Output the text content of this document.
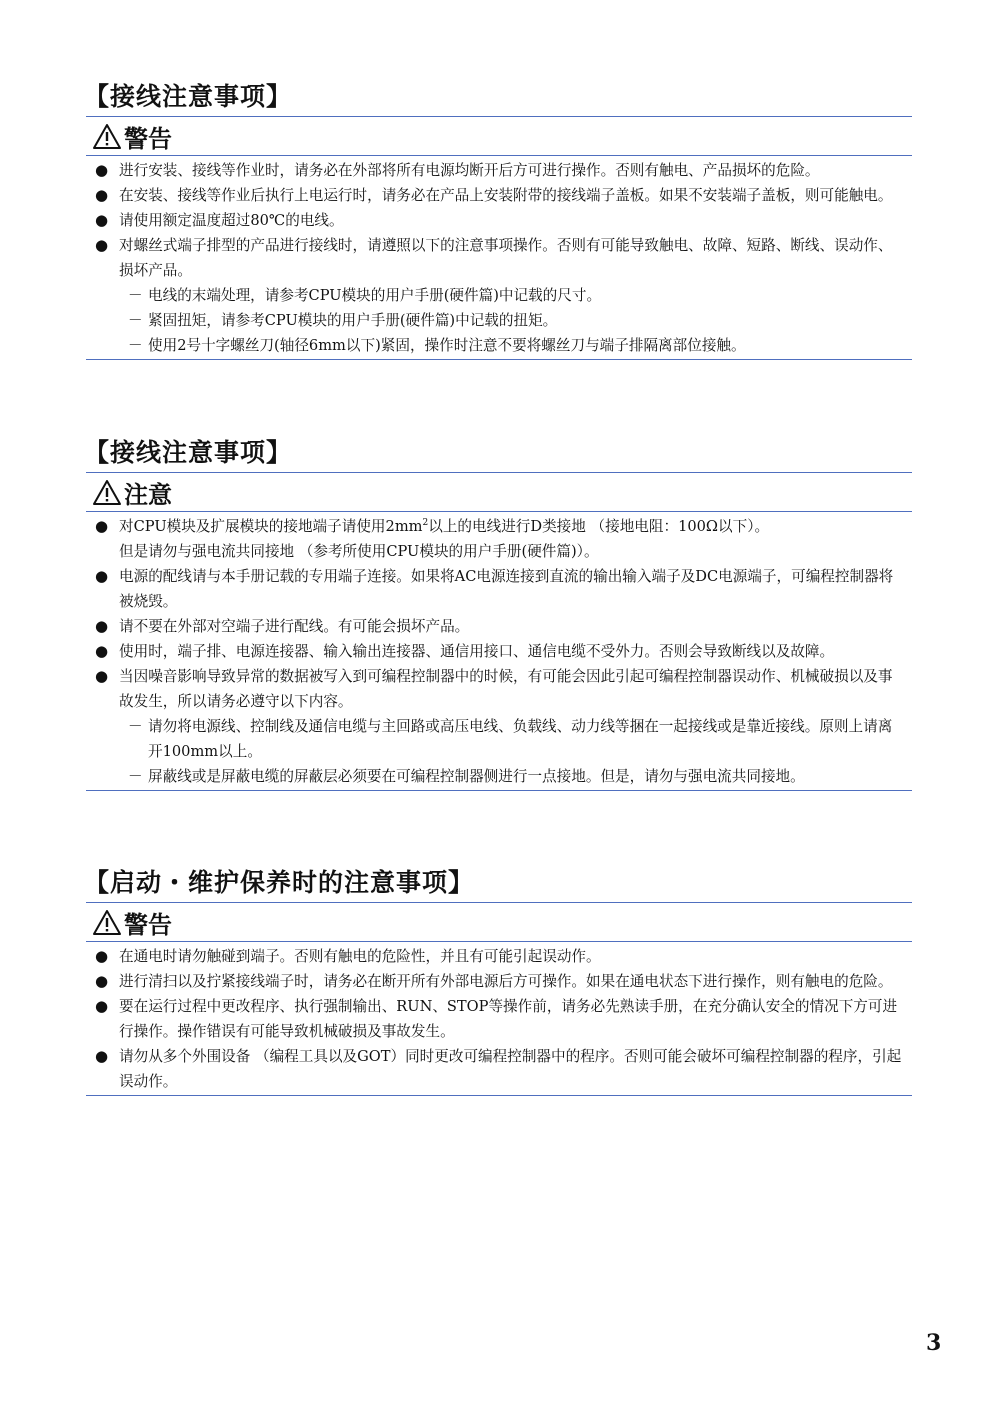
【接线注意事项】
警告
● 进行安装、接线等作业时，请务必在外部将所有电源均断开后方可进行操作。否则有触电、产品损坏的危险。
● 在安装、接线等作业后执行上电运行时，请务必在产品上安装附带的接线端子盖板。如果不安装端子盖板，则可能触电。
● 请使用额定温度超过80℃的电线。
● 对螺丝式端子排型的产品进行接线时，请遵照以下的注意事项操作。否则有可能导致触电、故障、短路、断线、误动作、损坏产品。
－ 电线的末端处理，请参考CPU模块的用户手册(硬件篇)中记载的尺寸。
－ 紧固扭矩，请参考CPU模块的用户手册(硬件篇)中记载的扭矩。
－ 使用2号十字螺丝刀(轴径6mm以下)紧固，操作时注意不要将螺丝刀与端子排隔离部位接触。
【接线注意事项】
注意
● 对CPU模块及扩展模块的接地端子请使用$2mm^2$以上的电线进行D类接地 （接地电阻：100Ω以下）。
但是请勿与强电流共同接地 （参考所使用CPU模块的用户手册(硬件篇)）。
● 电源的配线请与本手册记载的专用端子连接。如果将AC电源连接到直流的输出输入端子及DC电源端子，可编程控制器将被烧毁。
● 请不要在外部对空端子进行配线。有可能会损坏产品。
● 使用时，端子排、电源连接器、输入输出连接器、通信用接口、通信电缆不受外力。否则会导致断线以及故障。
● 当因噪音影响导致异常的数据被写入到可编程控制器中的时候，有可能会因此引起可编程控制器误动作、机械破损以及事故发生，所以请务必遵守以下内容。
－ 请勿将电源线、控制线及通信电缆与主回路或高压电线、负载线、动力线等捆在一起接线或是靠近接线。原则上请离开100mm以上。
－ 屏蔽线或是屏蔽电缆的屏蔽层必须要在可编程控制器侧进行一点接地。但是，请勿与强电流共同接地。
【启动・维护保养时的注意事项】
警告
● 在通电时请勿触碰到端子。否则有触电的危险性，并且有可能引起误动作。
● 进行清扫以及拧紧接线端子时，请务必在断开所有外部电源后方可操作。如果在通电状态下进行操作，则有触电的危险。
● 要在运行过程中更改程序、执行强制输出、RUN、STOP等操作前，请务必先熟读手册，在充分确认安全的情况下方可进行操作。操作错误有可能导致机械破损及事故发生。
● 请勿从多个外围设备 （编程工具以及GOT）同时更改可编程控制器中的程序。否则可能会破坏可编程控制器的程序，引起误动作。
3
